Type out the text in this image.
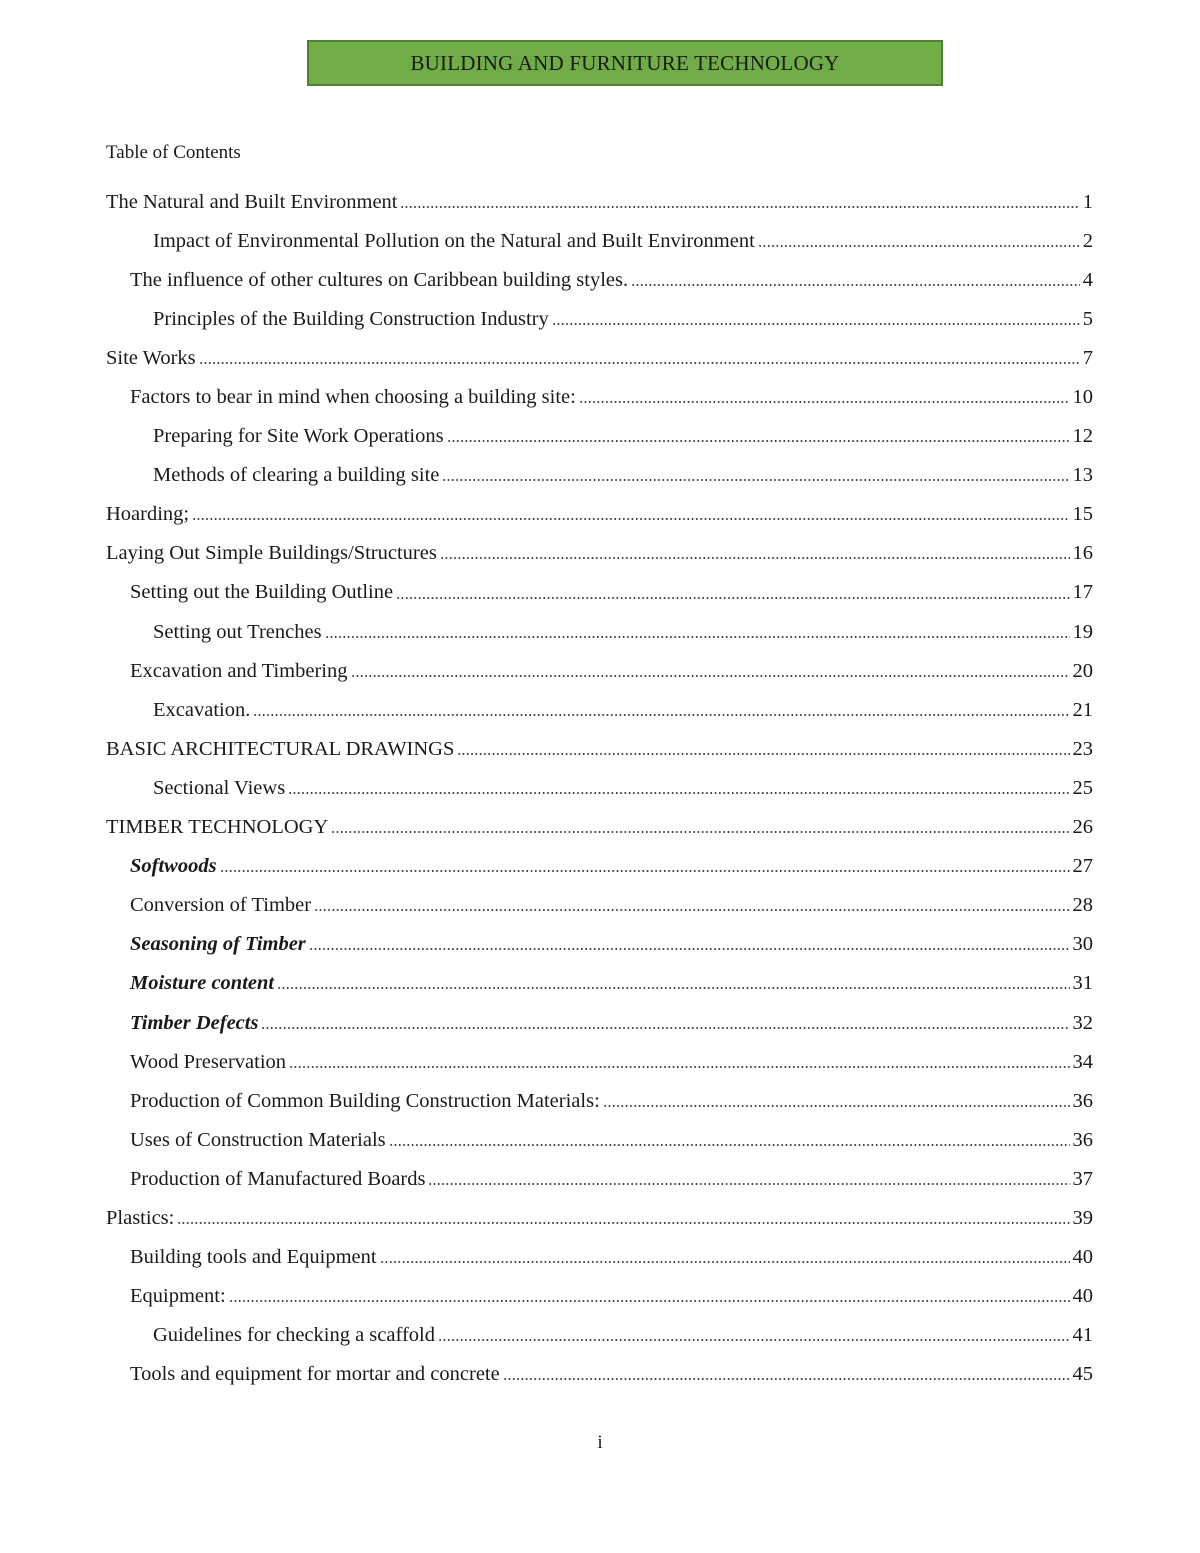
BUILDING AND FURNITURE TECHNOLOGY
Table of Contents
The Natural and Built Environment	1
Impact of Environmental Pollution on the Natural and Built Environment	2
The influence of other cultures on Caribbean building styles.	4
Principles of the Building Construction Industry	5
Site Works	7
Factors to bear in mind when choosing a building site:	10
Preparing for Site Work Operations	12
Methods of clearing a building site	13
Hoarding;	15
Laying Out Simple Buildings/Structures	16
Setting out the Building Outline	17
Setting out Trenches	19
Excavation and Timbering	20
Excavation.	21
BASIC ARCHITECTURAL DRAWINGS	23
Sectional Views	25
TIMBER TECHNOLOGY	26
Softwoods	27
Conversion of Timber	28
Seasoning of Timber	30
Moisture content	31
Timber Defects	32
Wood Preservation	34
Production of Common Building Construction Materials:	36
Uses of Construction Materials	36
Production of Manufactured Boards	37
Plastics:	39
Building tools and Equipment	40
Equipment:	40
Guidelines for checking a scaffold	41
Tools and equipment for mortar and concrete	45
i
